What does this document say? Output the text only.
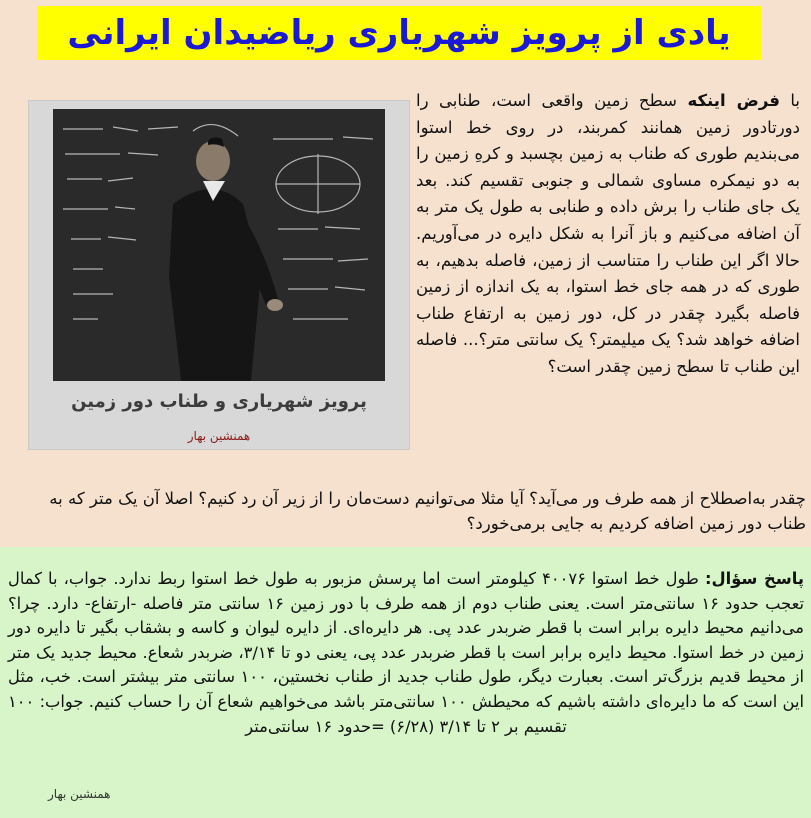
یادی از پرویز شهریاری ریاضیدان ایرانی
پرویز شهریاری و طناب دور زمین
همنشین بهار
با فرض اینکه سطح زمین واقعی است، طنابی را دورتادور زمین همانند کمربند، در روی خط استوا می‌بندیم طوری که طناب به زمین بچسبد و کرهِ زمین را به دو نیمکره مساوی شمالی و جنوبی تقسیم کند. بعد یک جای طناب را برش داده و طنابی به طول یک متر به آن اضافه می‌کنیم و باز آنرا به شکل دایره در می‌آوریم. حالا اگر این طناب را متناسب از زمین، فاصله بدهیم، به طوری که در همه جای خط استوا، به یک اندازه از زمین فاصله بگیرد چقدر در کل، دور زمین به ارتفاع طناب اضافه خواهد شد؟ یک میلیمتر؟ یک سانتی متر؟... فاصله این طناب تا سطح زمین چقدر است؟
چقدر به‌اصطلاح از همه طرف ور می‌آید؟ آیا مثلا می‌توانیم دست‌مان را از زیر آن رد کنیم؟ اصلا آن یک متر که به طناب دور زمین اضافه کردیم به جایی برمی‌خورد؟
پاسخ سؤال: طول خط استوا ۴۰۰۷۶ کیلومتر است اما پرسش مزبور به طول خط استوا ربط ندارد. جواب، با کمال تعجب حدود ۱۶ سانتی‌متر است. یعنی طناب دوم از همه طرف با دور زمین ۱۶ سانتی متر فاصله -ارتفاع- دارد. چرا؟ می‌دانیم محیط دایره برابر است با قطر ضربدر عدد پی. هر دایره‌ای. از دایره لیوان و کاسه و بشقاب بگیر تا دایره دور زمین در خط استوا. محیط دایره برابر است با قطر ضربدر عدد پی، یعنی دو تا ۳/۱۴، ضربدر شعاع. محیط جدید یک متر از محیط قدیم بزرگ‌تر است. بعبارت دیگر، طول طناب جدید از طناب نخستین، ۱۰۰ سانتی متر بیشتر است. خب، مثل این است که ما دایره‌ای داشته باشیم که محیطش ۱۰۰ سانتی‌متر باشد می‌خواهیم شعاع آن را حساب کنیم. جواب: ۱۰۰ تقسیم بر ۲ تا ۳/۱۴ (۶/۲۸) =حدود ۱۶ سانتی‌متر
همنشین بهار
